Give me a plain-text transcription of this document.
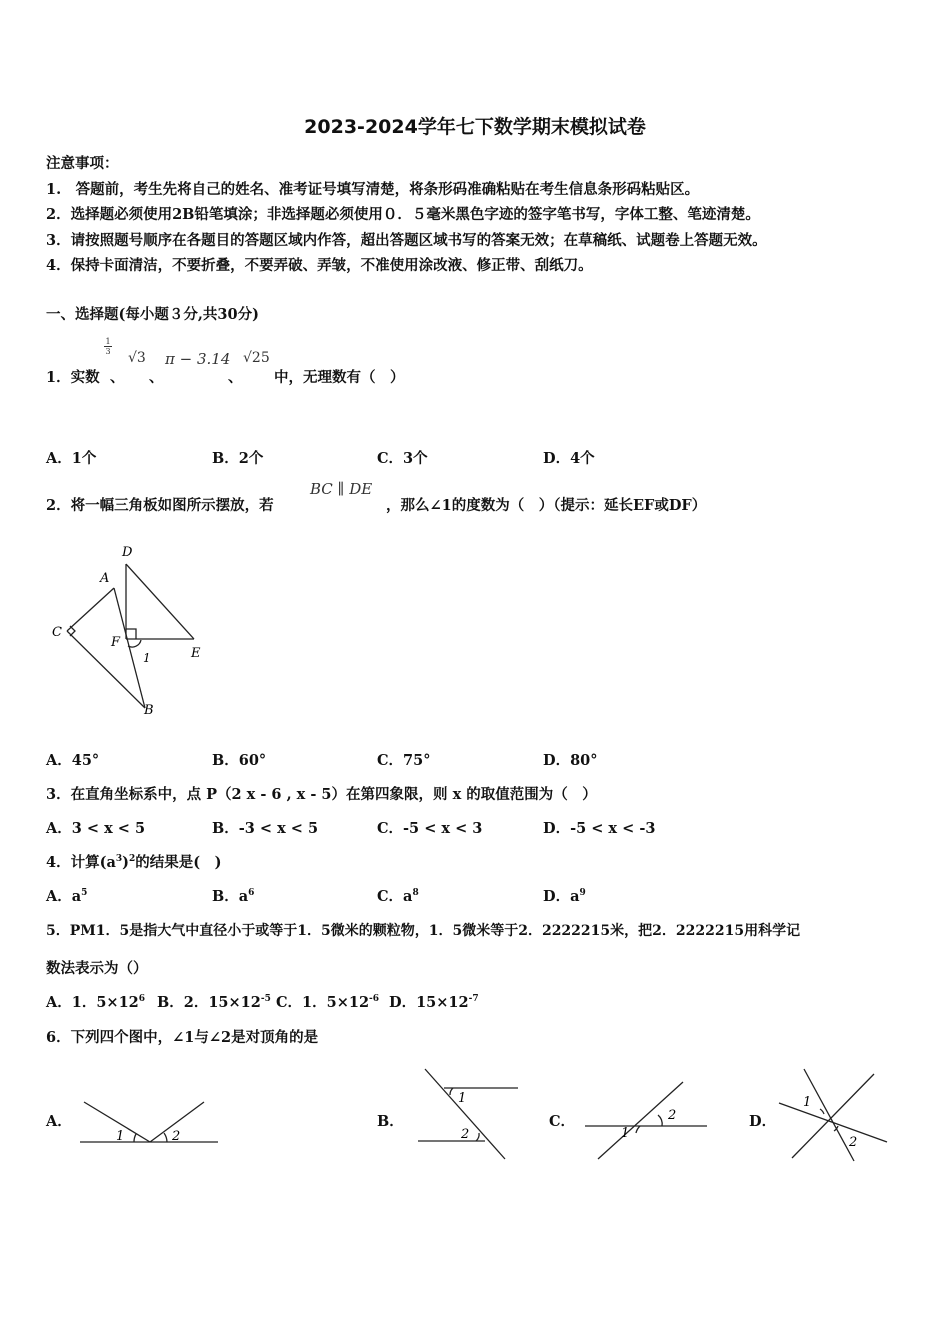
2023-2024学年七下数学期末模拟试卷
注意事项：
1.　答题前，考生先将自己的姓名、准考证号填写清楚，将条形码准确粘贴在考生信息条形码粘贴区。
2．选择题必须使用2B铅笔填涂；非选择题必须使用０．５毫米黑色字迹的签字笔书写，字体工整、笔迹清楚。
3．请按照题号顺序在各题目的答题区域内作答，超出答题区域书写的答案无效；在草稿纸、试题卷上答题无效。
4．保持卡面清洁，不要折叠，不要弄破、弄皱，不准使用涂改液、修正带、刮纸刀。
一、选择题(每小题３分,共30分)
1．实数
$\frac{1}{3}$
、
√3
、
π − 3.14
、
√25
中，无理数有（　）
A．1个	B．2个	C．3个	D．4个
2．将一幅三角板如图所示摆放，若
BC ∥ DE
，那么∠1的度数为（　）（提示：延长EF或DF）
D
A
C
F
1	E
B
A．45°	B．60°	C．75°	D．80°
3．在直角坐标系中，点 P（2 x - 6 , x - 5）在第四象限，则 x 的取值范围为（　）
A．3 < x < 5	B．-3 < x < 5	C．-5 < x < 3	D．-5 < x < -3
4．计算$(a^3)^2$的结果是(　)
A．$a^5$	B．$a^6$	C．$a^8$	D．$a^9$
5．PM1．5是指大气中直径小于或等于1．5微米的颗粒物，1．5微米等于2．2222215米，把2．2222215用科学记
数法表示为（）
A．1．$5\times 12^6$ B．2．$15\times 12^{-5}$ C．1．$5\times 12^{-6}$ D．$15\times 12^{-7}$
6．下列四个图中，∠1与∠2是对顶角的是
A．
1	2
B．
1
2
C．
1
2	D．
1
2
